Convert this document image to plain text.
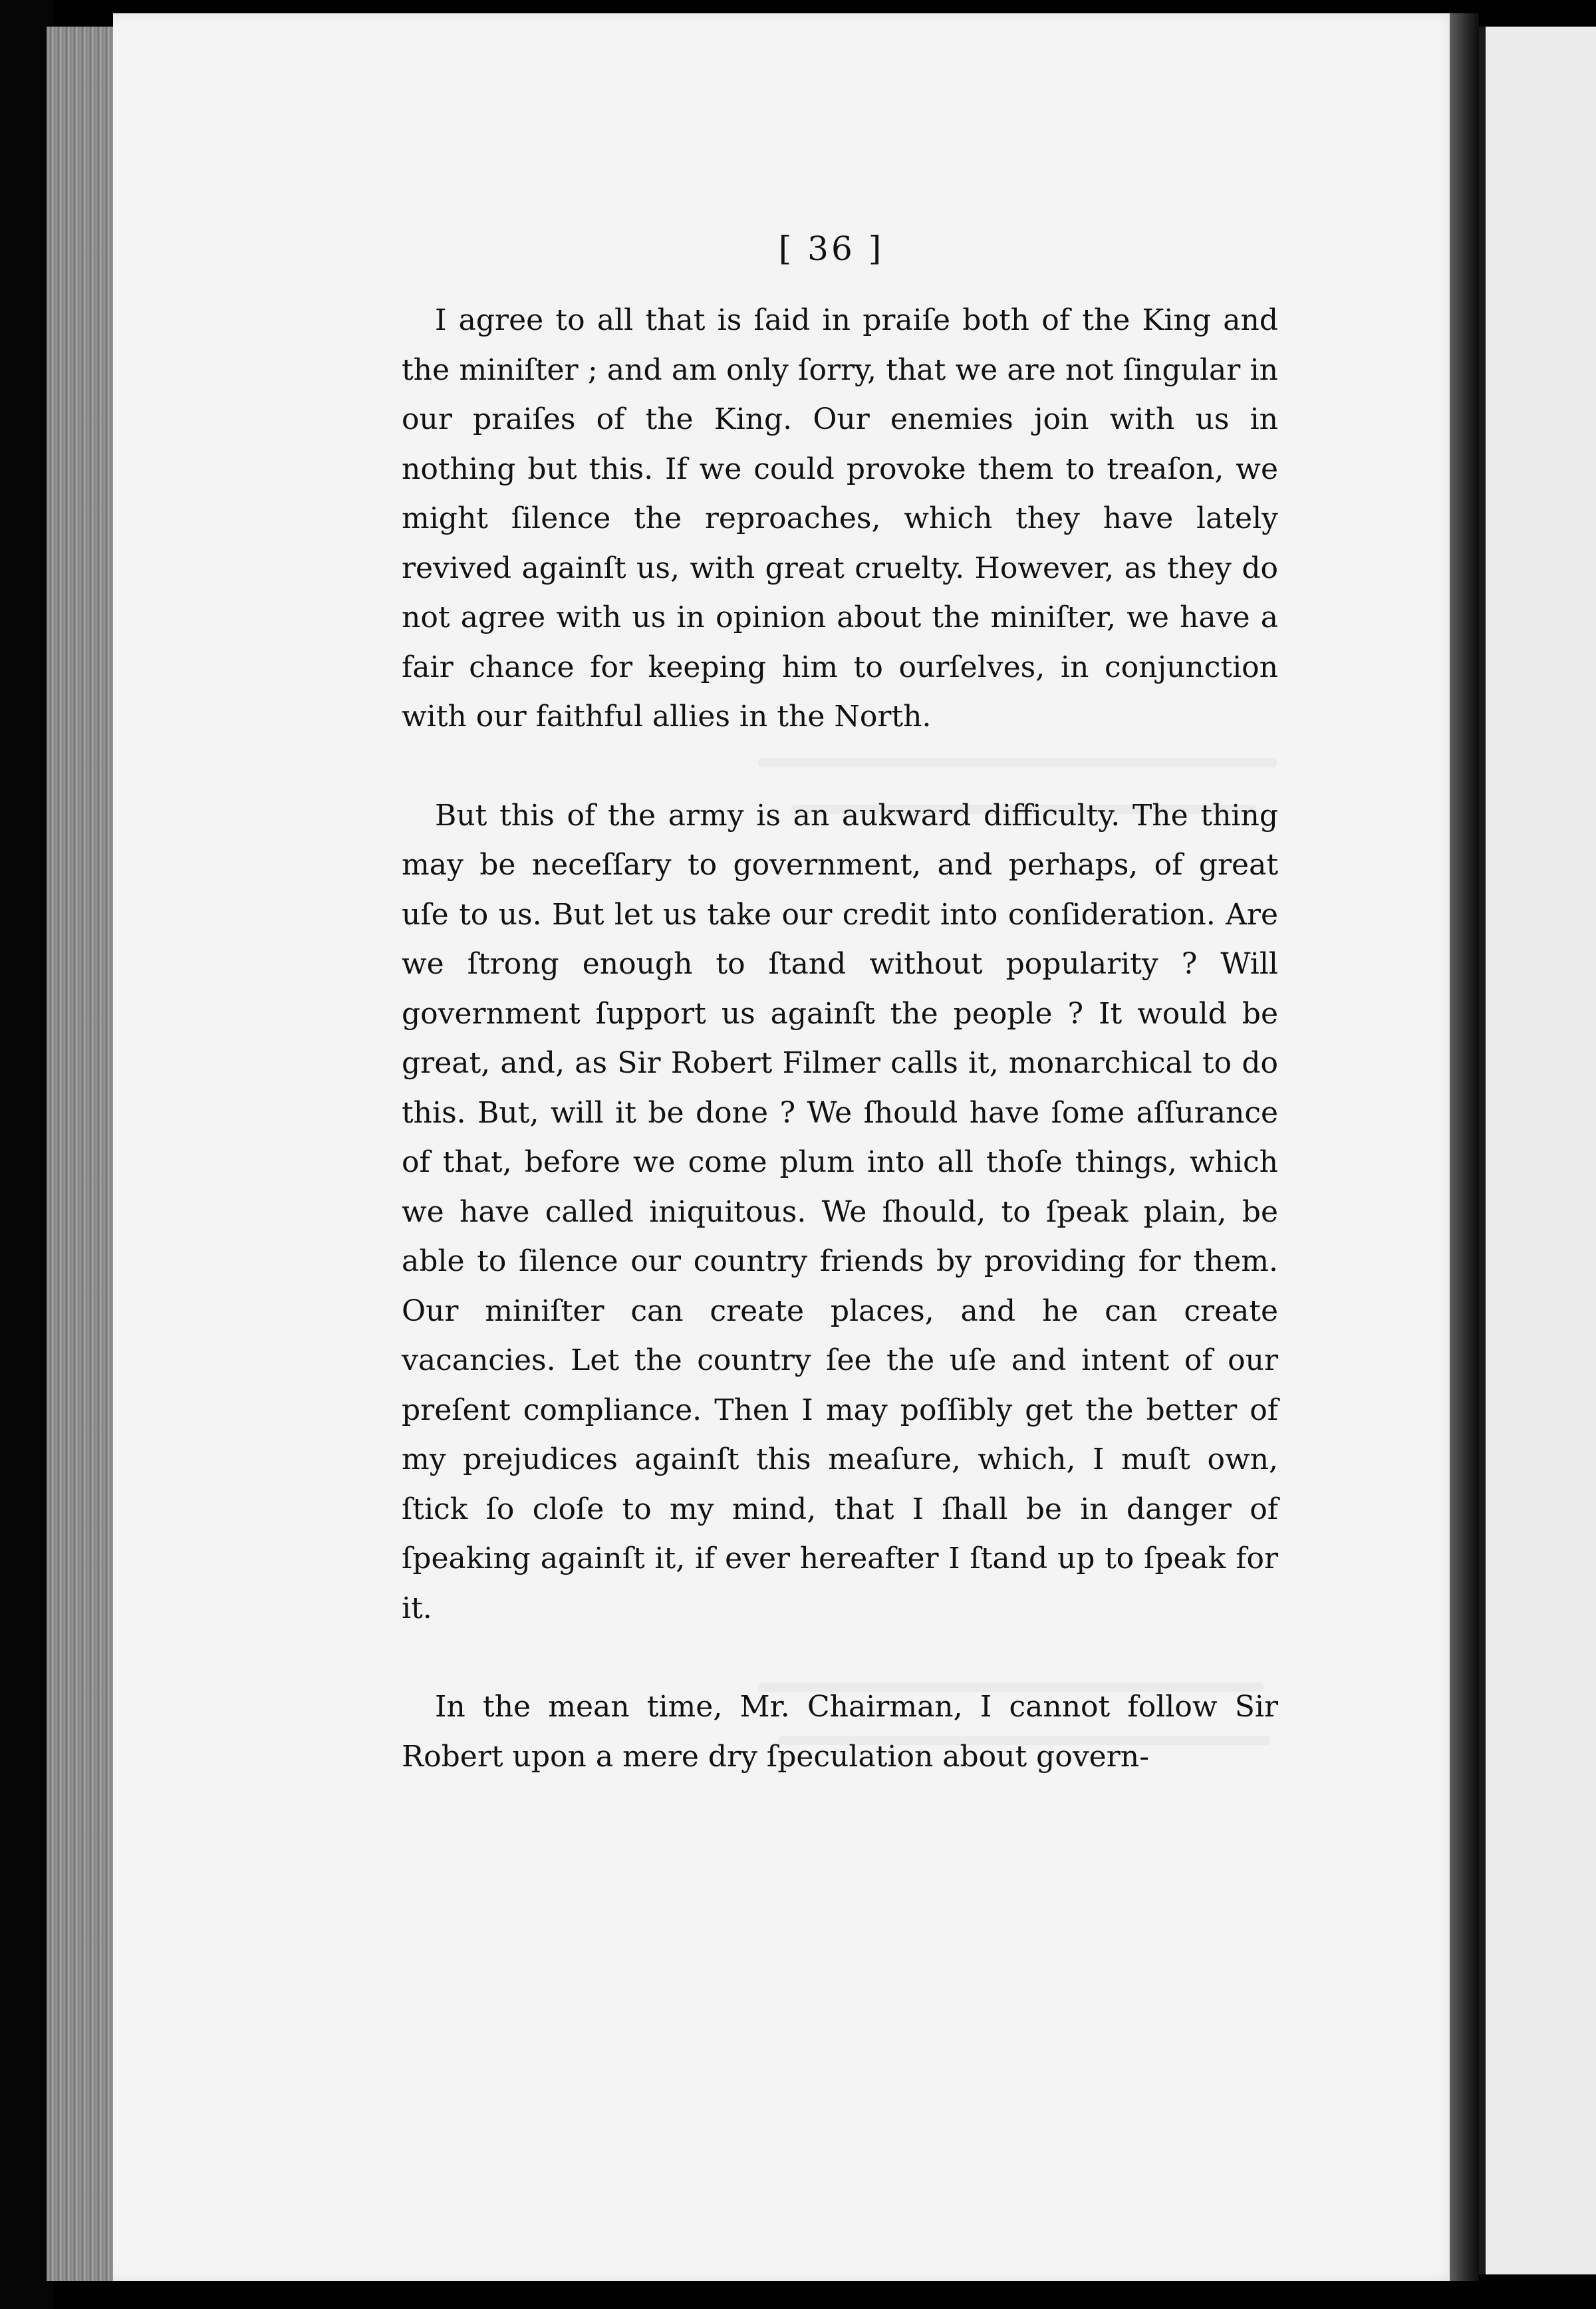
[ 36 ]

I agree to all that is ſaid in praiſe both of the King and the miniſter ; and am only ſorry, that we are not ſingular in our praiſes of the King. Our enemies join with us in nothing but this. If we could provoke them to treaſon, we might ſilence the reproaches, which they have lately revived againſt us, with great cruelty. However, as they do not agree with us in opinion about the miniſter, we have a fair chance for keeping him to ourſelves, in conjunction with our faithful allies in the North.

But this of the army is an aukward difficulty. The thing may be neceſſary to government, and perhaps, of great uſe to us. But let us take our credit into conſideration. Are we ſtrong enough to ſtand without popularity ? Will government ſupport us againſt the people ? It would be great, and, as Sir Robert Filmer calls it, monarchical to do this. But, will it be done ? We ſhould have ſome aſſurance of that, before we come plum into all thoſe things, which we have called iniquitous. We ſhould, to ſpeak plain, be able to ſilence our country friends by providing for them. Our miniſter can create places, and he can create vacancies. Let the country ſee the uſe and intent of our preſent compliance. Then I may poſſibly get the better of my prejudices againſt this meaſure, which, I muſt own, ſtick ſo cloſe to my mind, that I ſhall be in danger of ſpeaking againſt it, if ever hereafter I ſtand up to ſpeak for it.

In the mean time, Mr. Chairman, I cannot follow Sir Robert upon a mere dry ſpeculation about govern-
